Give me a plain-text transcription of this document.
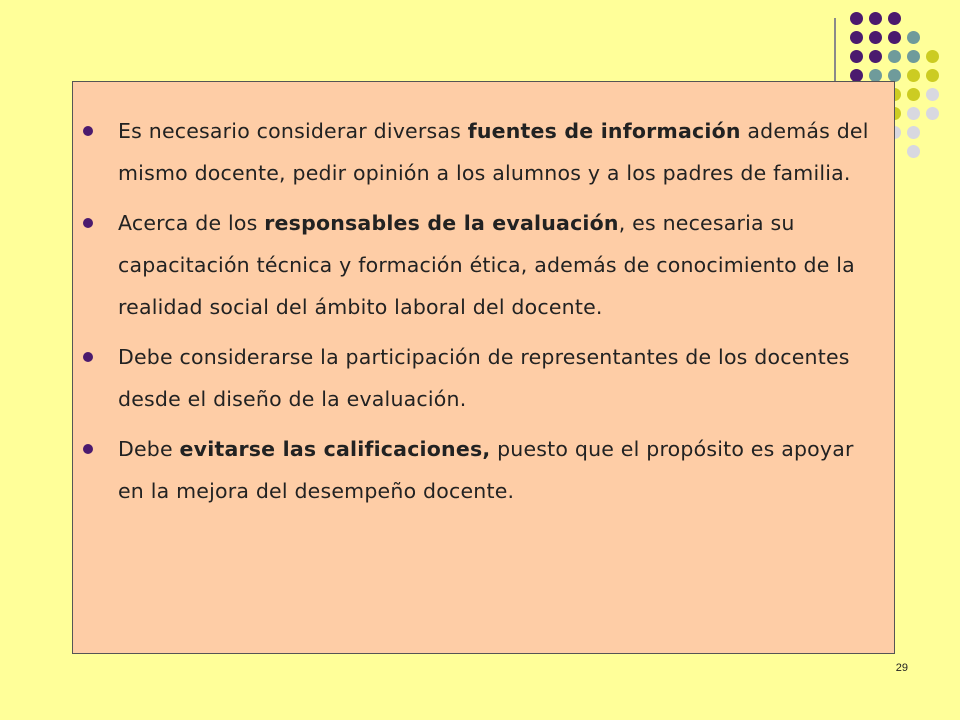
Es necesario considerar diversas fuentes de información además del mismo docente, pedir opinión a los alumnos y a los padres de familia.
Acerca de los responsables de la evaluación, es necesaria su capacitación técnica y formación ética, además de conocimiento de la realidad social del ámbito laboral del docente.
Debe considerarse la participación de representantes de los docentes desde el diseño de la evaluación.
Debe evitarse las calificaciones, puesto que el propósito es apoyar en la mejora del desempeño docente.
29
